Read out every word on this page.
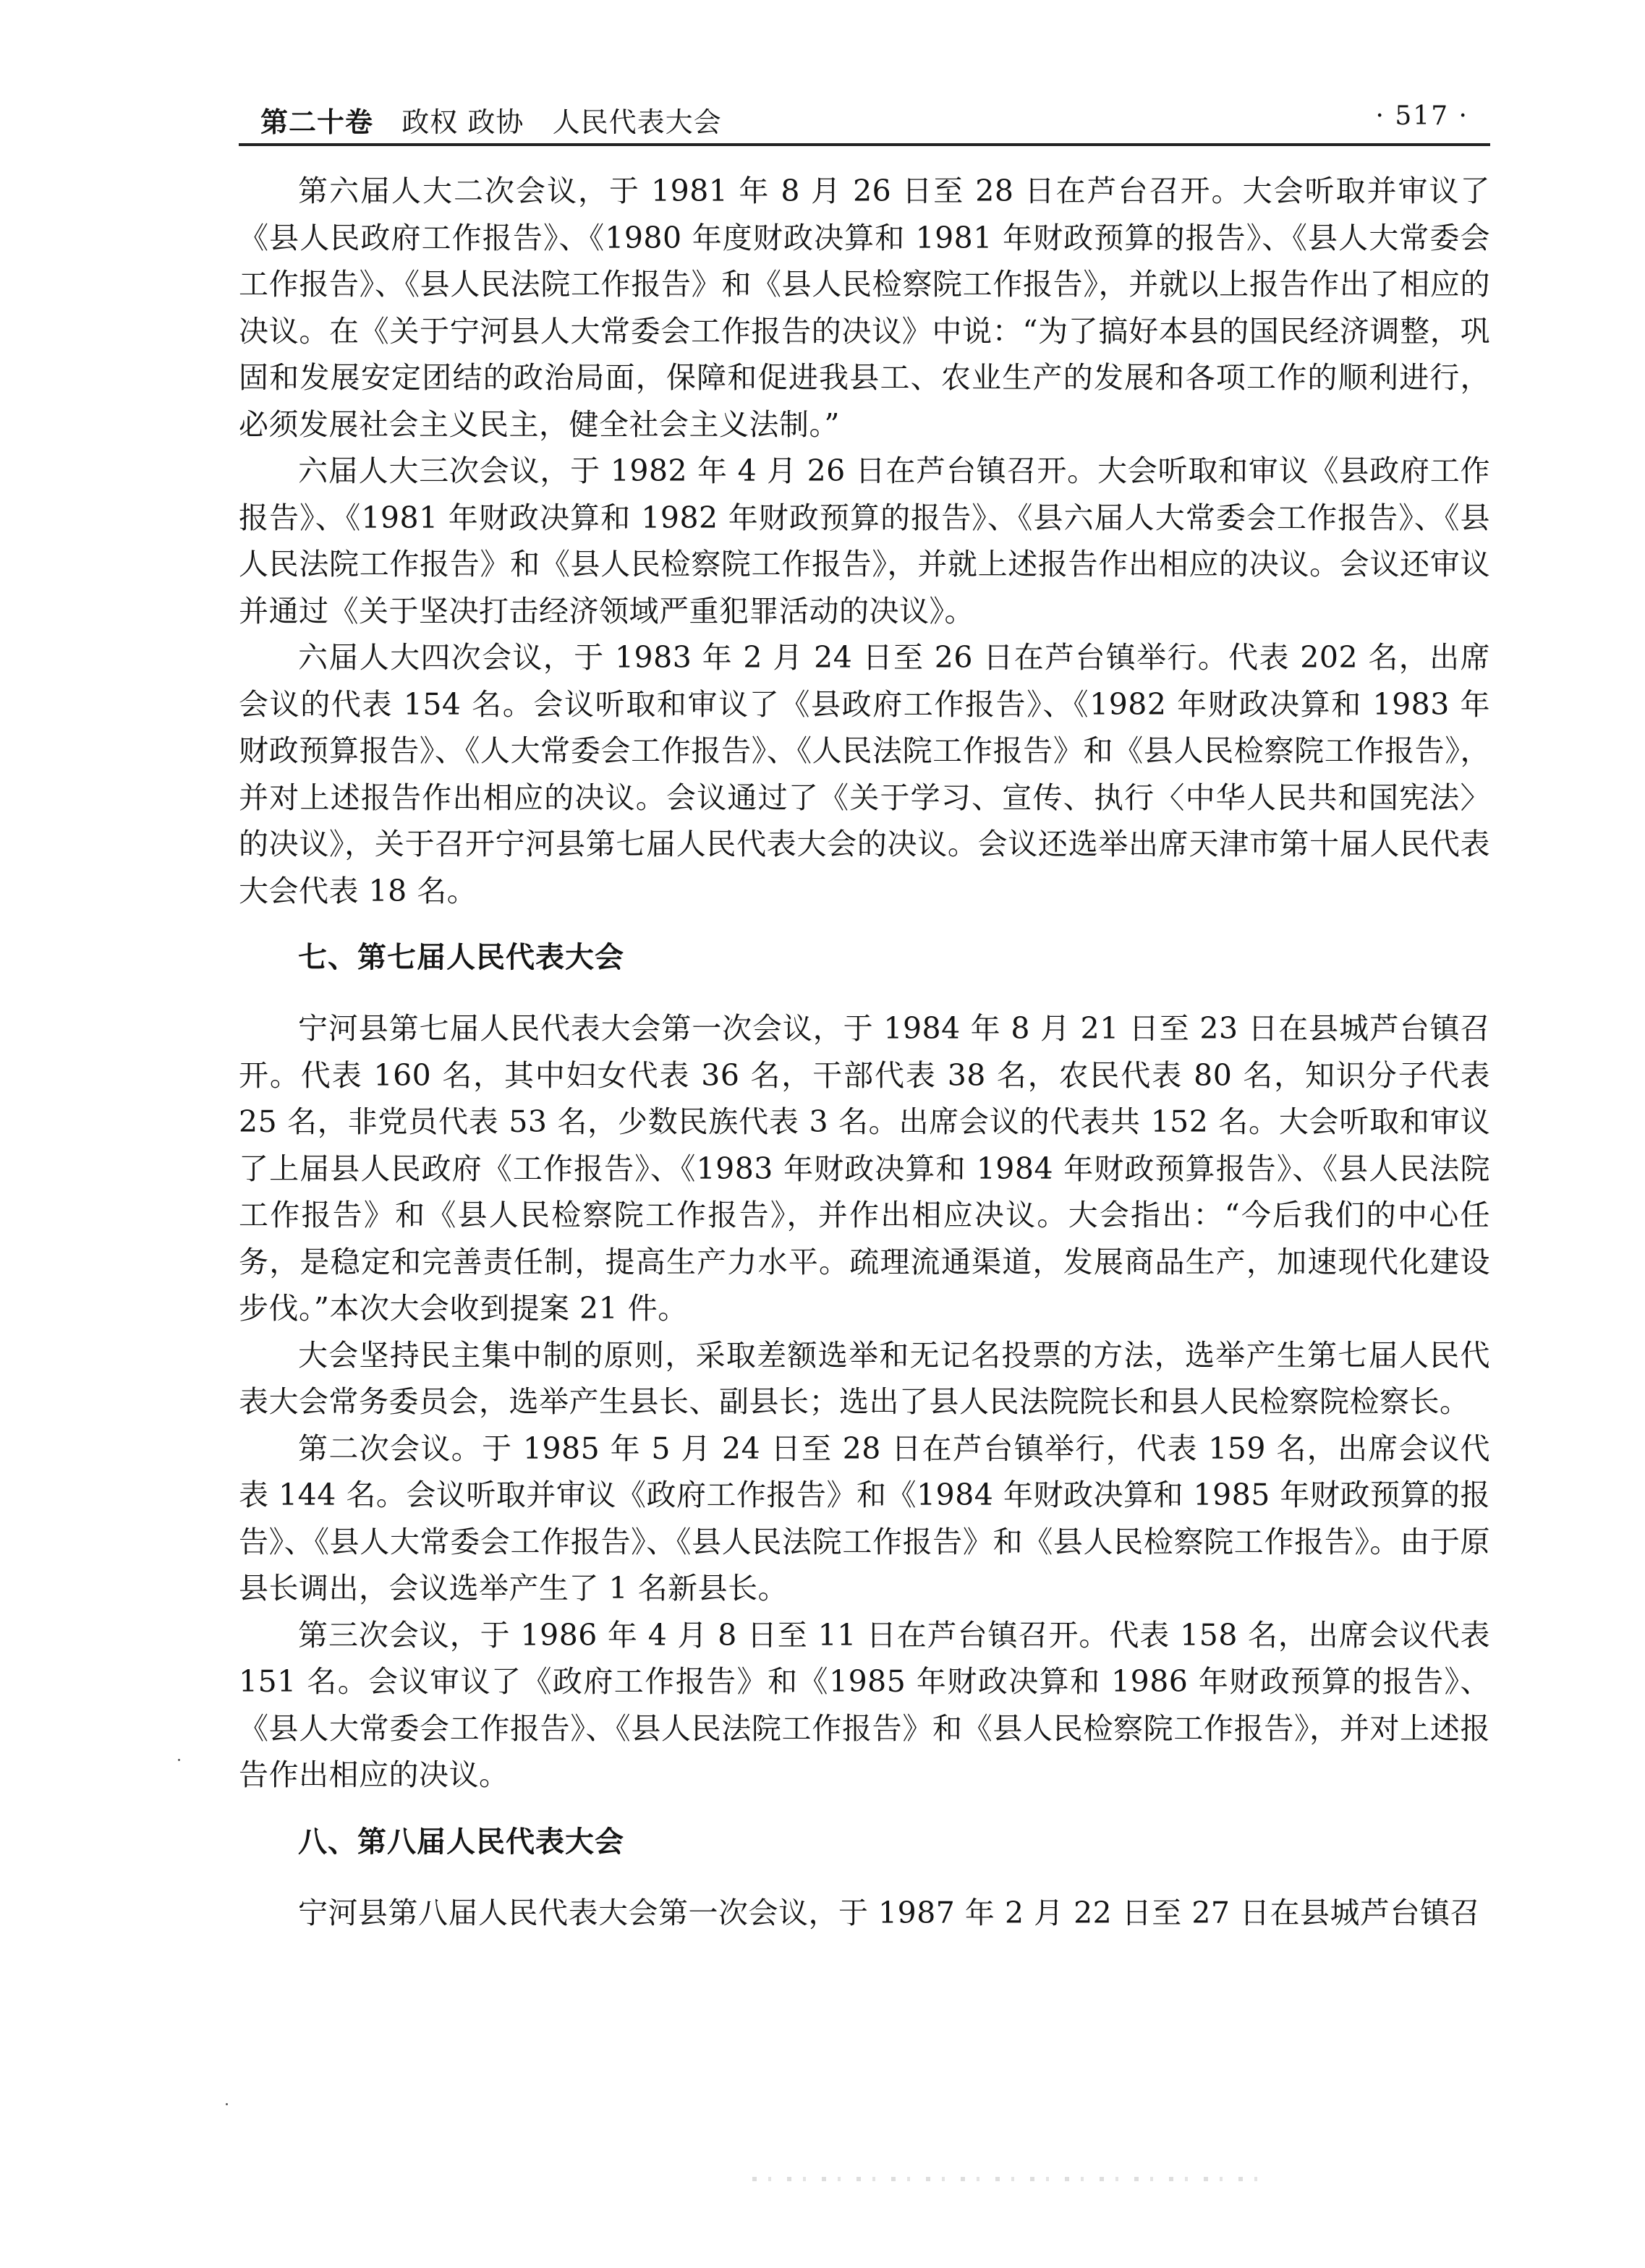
第二十卷 政权 政协 人民代表大会	· 517 ·

第六届人大二次会议，于 1981 年 8 月 26 日至 28 日在芦台召开。大会听取并审议了《县人民政府工作报告》、《1980 年度财政决算和 1981 年财政预算的报告》、《县人大常委会工作报告》、《县人民法院工作报告》和《县人民检察院工作报告》，并就以上报告作出了相应的决议。在《关于宁河县人大常委会工作报告的决议》中说：“为了搞好本县的国民经济调整，巩固和发展安定团结的政治局面，保障和促进我县工、农业生产的发展和各项工作的顺利进行，必须发展社会主义民主，健全社会主义法制。”

六届人大三次会议，于 1982 年 4 月 26 日在芦台镇召开。大会听取和审议《县政府工作报告》、《1981 年财政决算和 1982 年财政预算的报告》、《县六届人大常委会工作报告》、《县人民法院工作报告》和《县人民检察院工作报告》，并就上述报告作出相应的决议。会议还审议并通过《关于坚决打击经济领域严重犯罪活动的决议》。

六届人大四次会议，于 1983 年 2 月 24 日至 26 日在芦台镇举行。代表 202 名，出席会议的代表 154 名。会议听取和审议了《县政府工作报告》、《1982 年财政决算和 1983 年财政预算报告》、《人大常委会工作报告》、《人民法院工作报告》和《县人民检察院工作报告》，并对上述报告作出相应的决议。会议通过了《关于学习、宣传、执行〈中华人民共和国宪法〉的决议》，关于召开宁河县第七届人民代表大会的决议。会议还选举出席天津市第十届人民代表大会代表 18 名。

七、第七届人民代表大会

宁河县第七届人民代表大会第一次会议，于 1984 年 8 月 21 日至 23 日在县城芦台镇召开。代表 160 名，其中妇女代表 36 名，干部代表 38 名，农民代表 80 名，知识分子代表 25 名，非党员代表 53 名，少数民族代表 3 名。出席会议的代表共 152 名。大会听取和审议了上届县人民政府《工作报告》、《1983 年财政决算和 1984 年财政预算报告》、《县人民法院工作报告》和《县人民检察院工作报告》，并作出相应决议。大会指出：“今后我们的中心任务，是稳定和完善责任制，提高生产力水平。疏理流通渠道，发展商品生产，加速现代化建设步伐。”本次大会收到提案 21 件。

大会坚持民主集中制的原则，采取差额选举和无记名投票的方法，选举产生第七届人民代表大会常务委员会，选举产生县长、副县长；选出了县人民法院院长和县人民检察院检察长。

第二次会议。于 1985 年 5 月 24 日至 28 日在芦台镇举行，代表 159 名，出席会议代表 144 名。会议听取并审议《政府工作报告》和《1984 年财政决算和 1985 年财政预算的报告》、《县人大常委会工作报告》、《县人民法院工作报告》和《县人民检察院工作报告》。由于原县长调出，会议选举产生了 1 名新县长。

第三次会议，于 1986 年 4 月 8 日至 11 日在芦台镇召开。代表 158 名，出席会议代表 151 名。会议审议了《政府工作报告》和《1985 年财政决算和 1986 年财政预算的报告》、《县人大常委会工作报告》、《县人民法院工作报告》和《县人民检察院工作报告》，并对上述报告作出相应的决议。

八、第八届人民代表大会

宁河县第八届人民代表大会第一次会议，于 1987 年 2 月 22 日至 27 日在县城芦台镇召
